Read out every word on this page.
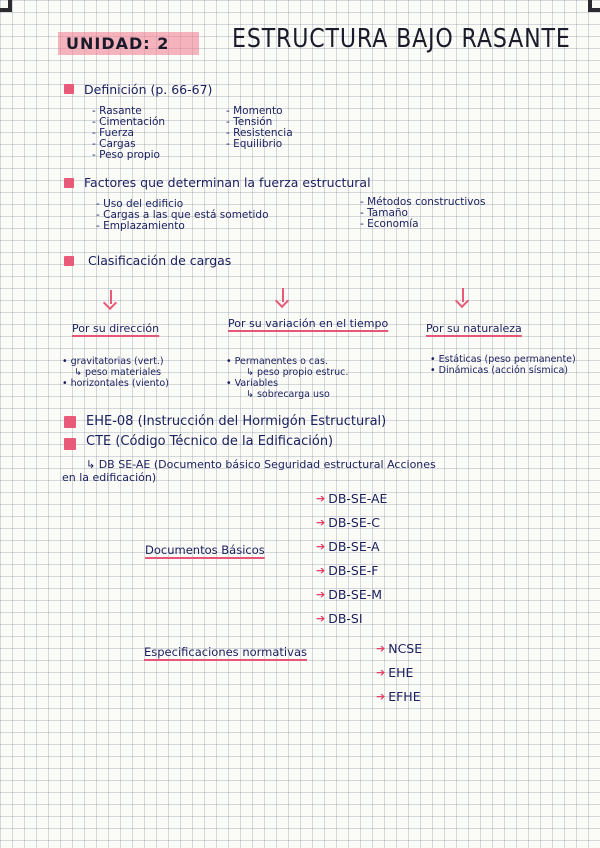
UNIDAD: 2	ESTRUCTURA BAJO RASANTE
Definición (p. 66-67)
- Rasante
- Cimentación
- Fuerza
- Cargas
- Peso propio
- Momento
- Tensión
- Resistencia
- Equilibrio
Factores que determinan la fuerza estructural
- Uso del edificio
- Cargas a las que está sometido
- Emplazamiento
- Métodos constructivos
- Tamaño
- Economía
Clasificación de cargas
Por su dirección	Por su variación en el tiempo	Por su naturaleza
• gravitatorias (vert.)
↳ peso materiales
• horizontales (viento)
• Permanentes o cas.
↳ peso propio estruc.
• Variables
↳ sobrecarga uso
• Estáticas (peso permanente)
• Dinámicas (acción sísmica)
EHE-08 (Instrucción del Hormigón Estructural)
CTE (Código Técnico de la Edificación)
↳ DB SE-AE (Documento básico Seguridad estructural Acciones
en la edificación)
Documentos Básicos
➔ DB-SE-AE
➔ DB-SE-C
➔ DB-SE-A
➔ DB-SE-F
➔ DB-SE-M
➔ DB-SI
Especificaciones normativas	➔ NCSE
➔ EHE
➔ EFHE
